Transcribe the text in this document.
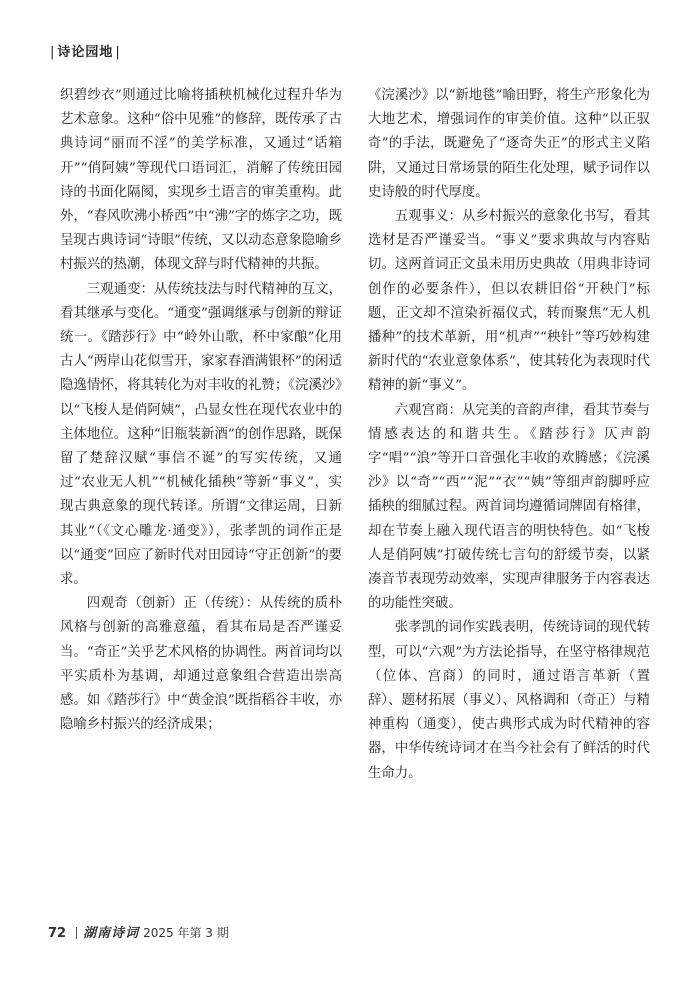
| 诗论园地 |

织碧纱衣”则通过比喻将插秧机械化过程升华为艺术意象。这种“俗中见雅”的修辞，既传承了古典诗词“丽而不淫”的美学标准，又通过“话箱开”“俏阿姨”等现代口语词汇，消解了传统田园诗的书面化隔阂，实现乡土语言的审美重构。此外，“春风吹沸小桥西”中“沸”字的炼字之功，既呈现古典诗词“诗眼”传统，又以动态意象隐喻乡村振兴的热潮，体现文辞与时代精神的共振。

三观通变：从传统技法与时代精神的互文，看其继承与变化。“通变”强调继承与创新的辩证统一。《踏莎行》中“岭外山歌，杯中家酿”化用古人“两岸山花似雪开，家家春酒满银杯”的闲适隐逸情怀，将其转化为对丰收的礼赞；《浣溪沙》以“飞梭人是俏阿姨”，凸显女性在现代农业中的主体地位。这种“旧瓶装新酒”的创作思路，既保留了楚辞汉赋“事信不诞”的写实传统，又通过“农业无人机”“机械化插秧”等新“事义”，实现古典意象的现代转译。所谓“文律运周，日新其业”（《文心雕龙·通变》），张孝凯的词作正是以“通变”回应了新时代对田园诗“守正创新”的要求。

四观奇（创新）正（传统）：从传统的质朴风格与创新的高雅意蕴，看其布局是否严谨妥当。“奇正”关乎艺术风格的协调性。两首词均以平实质朴为基调，却通过意象组合营造出崇高感。如《踏莎行》中“黄金浪”既指稻谷丰收，亦隐喻乡村振兴的经济成果；

《浣溪沙》以“新地毯”喻田野，将生产形象化为大地艺术，增强词作的审美价值。这种“以正驭奇”的手法，既避免了“逐奇失正”的形式主义陷阱，又通过日常场景的陌生化处理，赋予词作以史诗般的时代厚度。

五观事义：从乡村振兴的意象化书写，看其选材是否严谨妥当。“事义”要求典故与内容贴切。这两首词正文虽未用历史典故（用典非诗词创作的必要条件），但以农耕旧俗“开秧门”标题，正文却不渲染祈福仪式，转而聚焦“无人机播种”的技术革新，用“机声”“秧针”等巧妙构建新时代的“农业意象体系”，使其转化为表现时代精神的新“事义”。

六观宫商：从完美的音韵声律，看其节奏与情感表达的和谐共生。《踏莎行》仄声韵字“唱”“浪”等开口音强化丰收的欢腾感；《浣溪沙》以“奇”“西”“泥”“衣”“姨”等细声韵脚呼应插秧的细腻过程。两首词均遵循词牌固有格律，却在节奏上融入现代语言的明快特色。如“飞梭人是俏阿姨”打破传统七言句的舒缓节奏，以紧凑音节表现劳动效率，实现声律服务于内容表达的功能性突破。

张孝凯的词作实践表明，传统诗词的现代转型，可以“六观”为方法论指导，在坚守格律规范（位体、宫商）的同时，通过语言革新（置辞）、题材拓展（事义）、风格调和（奇正）与精神重构（通变），使古典形式成为时代精神的容器，中华传统诗词才在当今社会有了鲜活的时代生命力。

72 湖南诗词 2025 年第 3 期
